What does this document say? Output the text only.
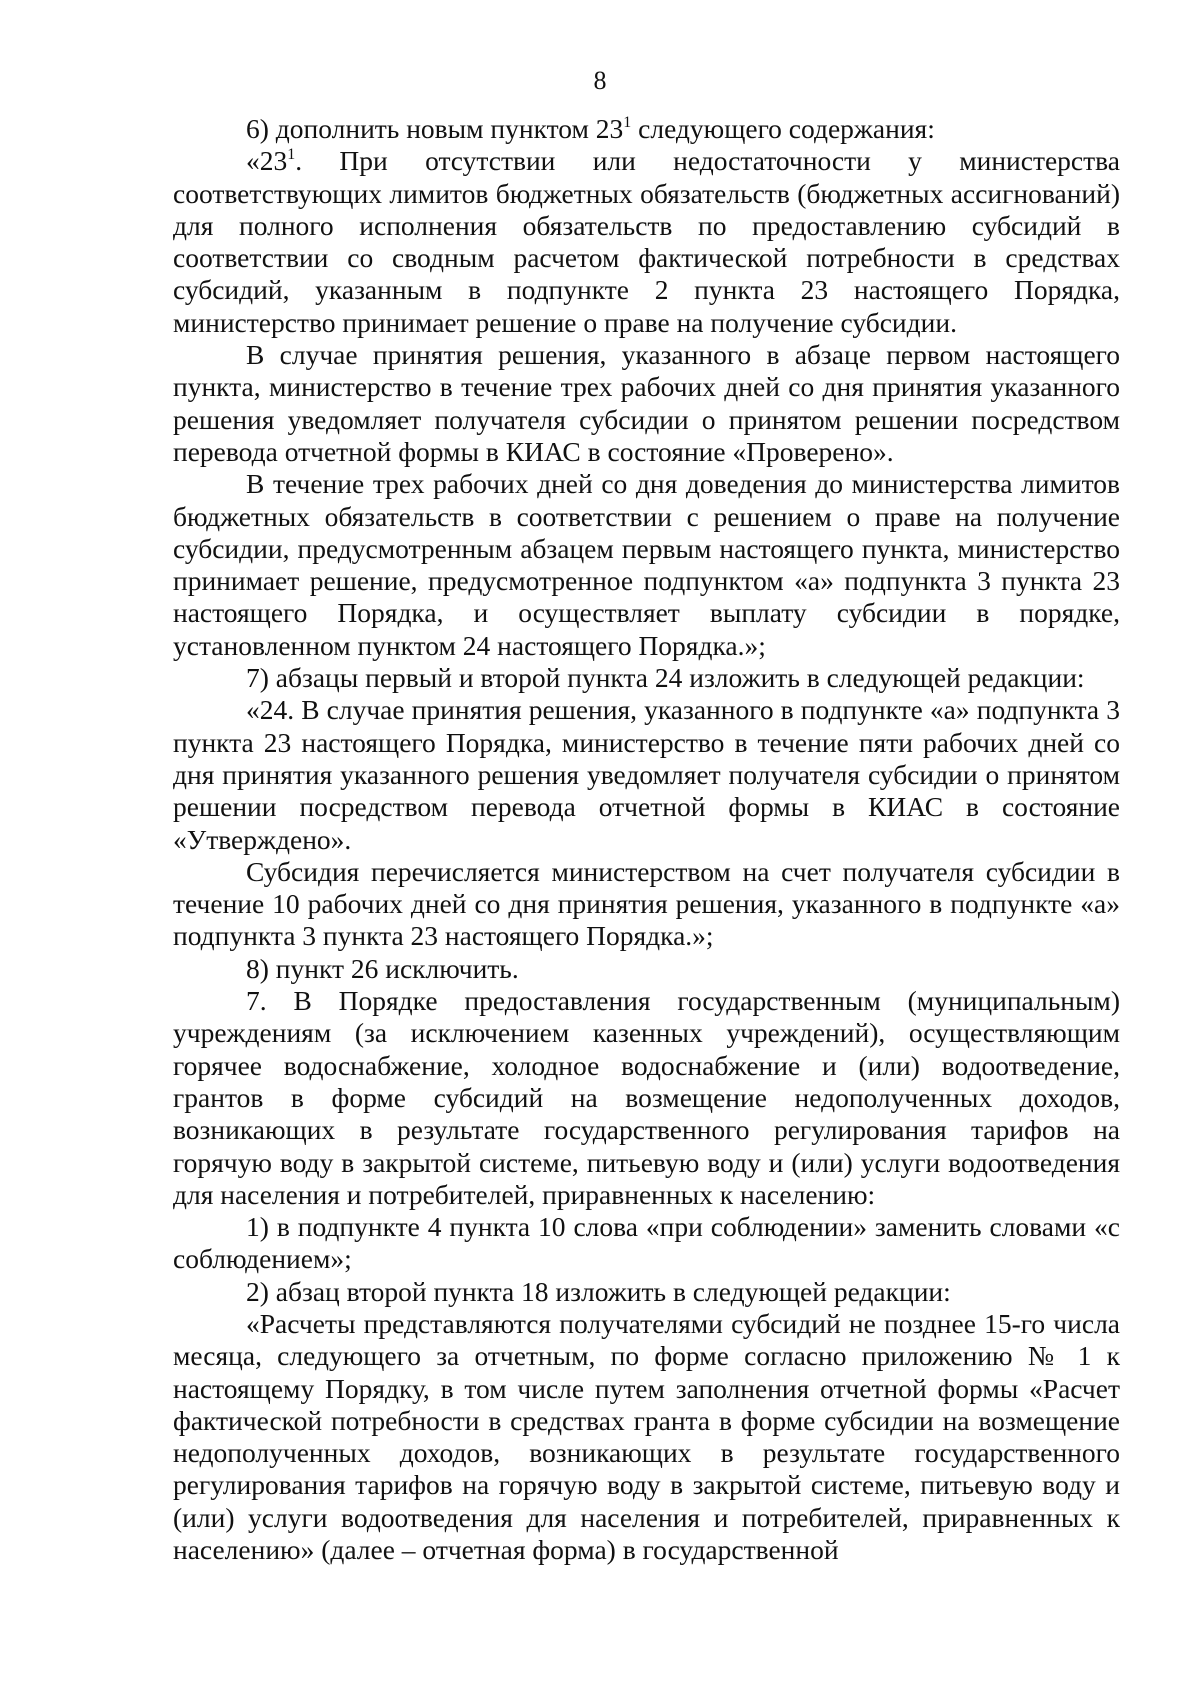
8

6) дополнить новым пунктом $23^1$ следующего содержания:

«$23^1$. При отсутствии или недостаточности у министерства соответствующих лимитов бюджетных обязательств (бюджетных ассигнований) для полного исполнения обязательств по предоставлению субсидий в соответствии со сводным расчетом фактической потребности в средствах субсидий, указанным в подпункте 2 пункта 23 настоящего Порядка, министерство принимает решение о праве на получение субсидии.

В случае принятия решения, указанного в абзаце первом настоящего пункта, министерство в течение трех рабочих дней со дня принятия указанного решения уведомляет получателя субсидии о принятом решении посредством перевода отчетной формы в КИАС в состояние «Проверено».

В течение трех рабочих дней со дня доведения до министерства лимитов бюджетных обязательств в соответствии с решением о праве на получение субсидии, предусмотренным абзацем первым настоящего пункта, министерство принимает решение, предусмотренное подпунктом «а» подпункта 3 пункта 23 настоящего Порядка, и осуществляет выплату субсидии в порядке, установленном пунктом 24 настоящего Порядка.»;

7) абзацы первый и второй пункта 24 изложить в следующей редакции:

«24. В случае принятия решения, указанного в подпункте «а» подпункта 3 пункта 23 настоящего Порядка, министерство в течение пяти рабочих дней со дня принятия указанного решения уведомляет получателя субсидии о принятом решении посредством перевода отчетной формы в КИАС в состояние «Утверждено».

Субсидия перечисляется министерством на счет получателя субсидии в течение 10 рабочих дней со дня принятия решения, указанного в подпункте «а» подпункта 3 пункта 23 настоящего Порядка.»;

8) пункт 26 исключить.

7. В Порядке предоставления государственным (муниципальным) учреждениям (за исключением казенных учреждений), осуществляющим горячее водоснабжение, холодное водоснабжение и (или) водоотведение, грантов в форме субсидий на возмещение недополученных доходов, возникающих в результате государственного регулирования тарифов на горячую воду в закрытой системе, питьевую воду и (или) услуги водоотведения для населения и потребителей, приравненных к населению:

1) в подпункте 4 пункта 10 слова «при соблюдении» заменить словами «с соблюдением»;

2) абзац второй пункта 18 изложить в следующей редакции:

«Расчеты представляются получателями субсидий не позднее 15-го числа месяца, следующего за отчетным, по форме согласно приложению № 1 к настоящему Порядку, в том числе путем заполнения отчетной формы «Расчет фактической потребности в средствах гранта в форме субсидии на возмещение недополученных доходов, возникающих в результате государственного регулирования тарифов на горячую воду в закрытой системе, питьевую воду и (или) услуги водоотведения для населения и потребителей, приравненных к населению» (далее – отчетная форма) в государственной
